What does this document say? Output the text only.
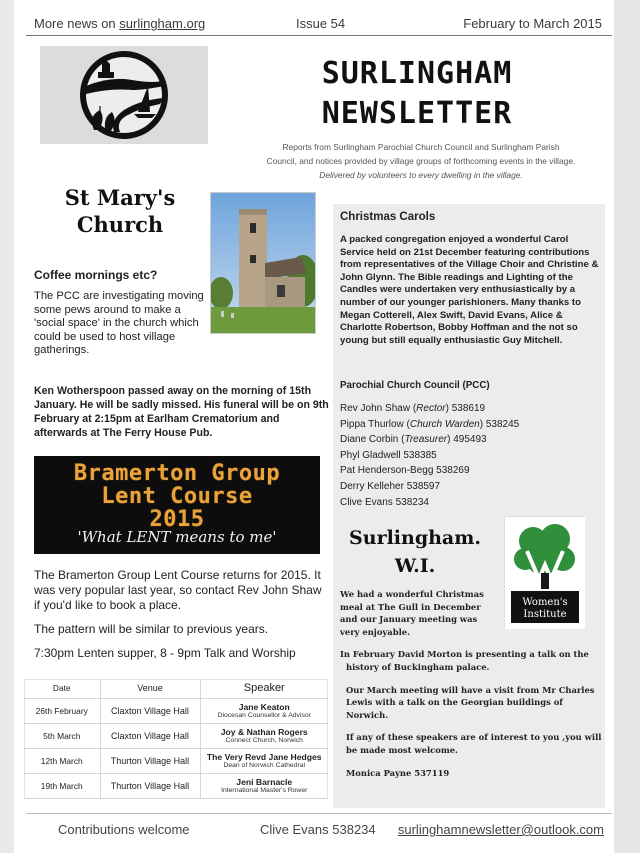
More news on surlingham.org	Issue 54	February to March 2015
SURLINGHAM
NEWSLETTER
Reports from Surlingham Parochial Church Council and Surlingham Parish
Council, and notices provided by village groups of forthcoming events in the village.
Delivered by volunteers to every dwelling in the village.
St Mary's
Church
Coffee mornings etc?
The PCC are investigating moving some pews around to make a 'social space' in the church which could be used to host village gatherings.
Ken Wotherspoon passed away on the morning of 15th January. He will be sadly missed. His funeral will be on 9th February at 2:15pm at Earlham Crematorium and afterwards at The Ferry House Pub.
Bramerton Group
Lent Course
2015
'What LENT means to me'

The Bramerton Group Lent Course returns for 2015. It was very popular last year, so contact Rev John Shaw if you'd like to book a place.

The pattern will be similar to previous years.

7:30pm Lenten supper, 8 - 9pm Talk and Worship

Date	Venue	Speaker
26th February	Claxton Village Hall	Jane Keaton
Diocesan Counsellor & Advisor

5th March	Claxton Village Hall	Joy & Nathan Rogers
Connect Church, Norwich

12th March	Thurton Village Hall	The Very Revd Jane Hedges
Dean of Norwich Cathedral

19th March	Thurton Village Hall	Jeni Barnacle
International Master's Rower
Christmas Carols
A packed congregation enjoyed a wonderful Carol Service held on 21st December featuring contributions from representatives of the Village Choir and Christine & John Glynn. The Bible readings and Lighting of the Candles were undertaken very enthusiastically by a number of our younger parishioners. Many thanks to Megan Cotterell, Alex Swift, David Evans, Alice & Charlotte Robertson, Bobby Hoffman and the not so young but still equally enthusiastic Guy Mitchell.
Parochial Church Council (PCC)
Rev John Shaw (Rector) 538619
Pippa Thurlow (Church Warden) 538245
Diane Corbin (Treasurer) 495493
Phyl Gladwell 538385
Pat Henderson-Begg 538269
Derry Kelleher 538597
Clive Evans 538234
Surlingham.
W.I.
Women's
Institute

We had a wonderful Christmas meal at The Gull in December and our January meeting was very enjoyable.

In February David Morton is presenting a talk on the history of Buckingham palace.

Our March meeting will have a visit from Mr Charles Lewis with a talk on the Georgian buildings of Norwich.

If any of these speakers are of interest to you ,you will be made most welcome.

Monica Payne 537119

Contributions welcome	Clive Evans 538234 surlinghamnewsletter@outlook.com
